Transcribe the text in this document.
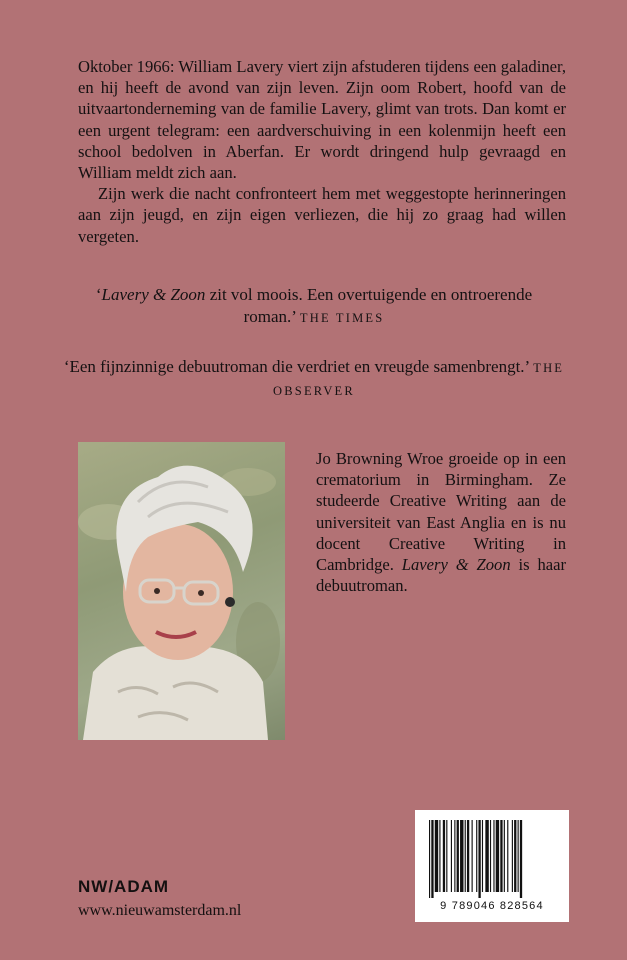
Oktober 1966: William Lavery viert zijn afstuderen tijdens een galadiner, en hij heeft de avond van zijn leven. Zijn oom Robert, hoofd van de uitvaartonderneming van de familie Lavery, glimt van trots. Dan komt er een urgent telegram: een aardverschuiving in een kolenmijn heeft een school bedolven in Aberfan. Er wordt dringend hulp gevraagd en William meldt zich aan.

Zijn werk die nacht confronteert hem met weggestopte herinneringen aan zijn jeugd, en zijn eigen verliezen, die hij zo graag had willen vergeten.

‘Lavery & Zoon zit vol moois. Een overtuigende en ontroerende roman.’ THE TIMES
‘Een fijnzinnige debuutroman die verdriet en vreugde samenbrengt.’ THE OBSERVER

Jo Browning Wroe groeide op in een crematorium in Birmingham. Ze studeerde Creative Writing aan de universiteit van East Anglia en is nu docent Creative Writing in Cambridge. Lavery & Zoon is haar debuutroman.

9 789046 828564
NW/ADAM
www.nieuwamsterdam.nl
